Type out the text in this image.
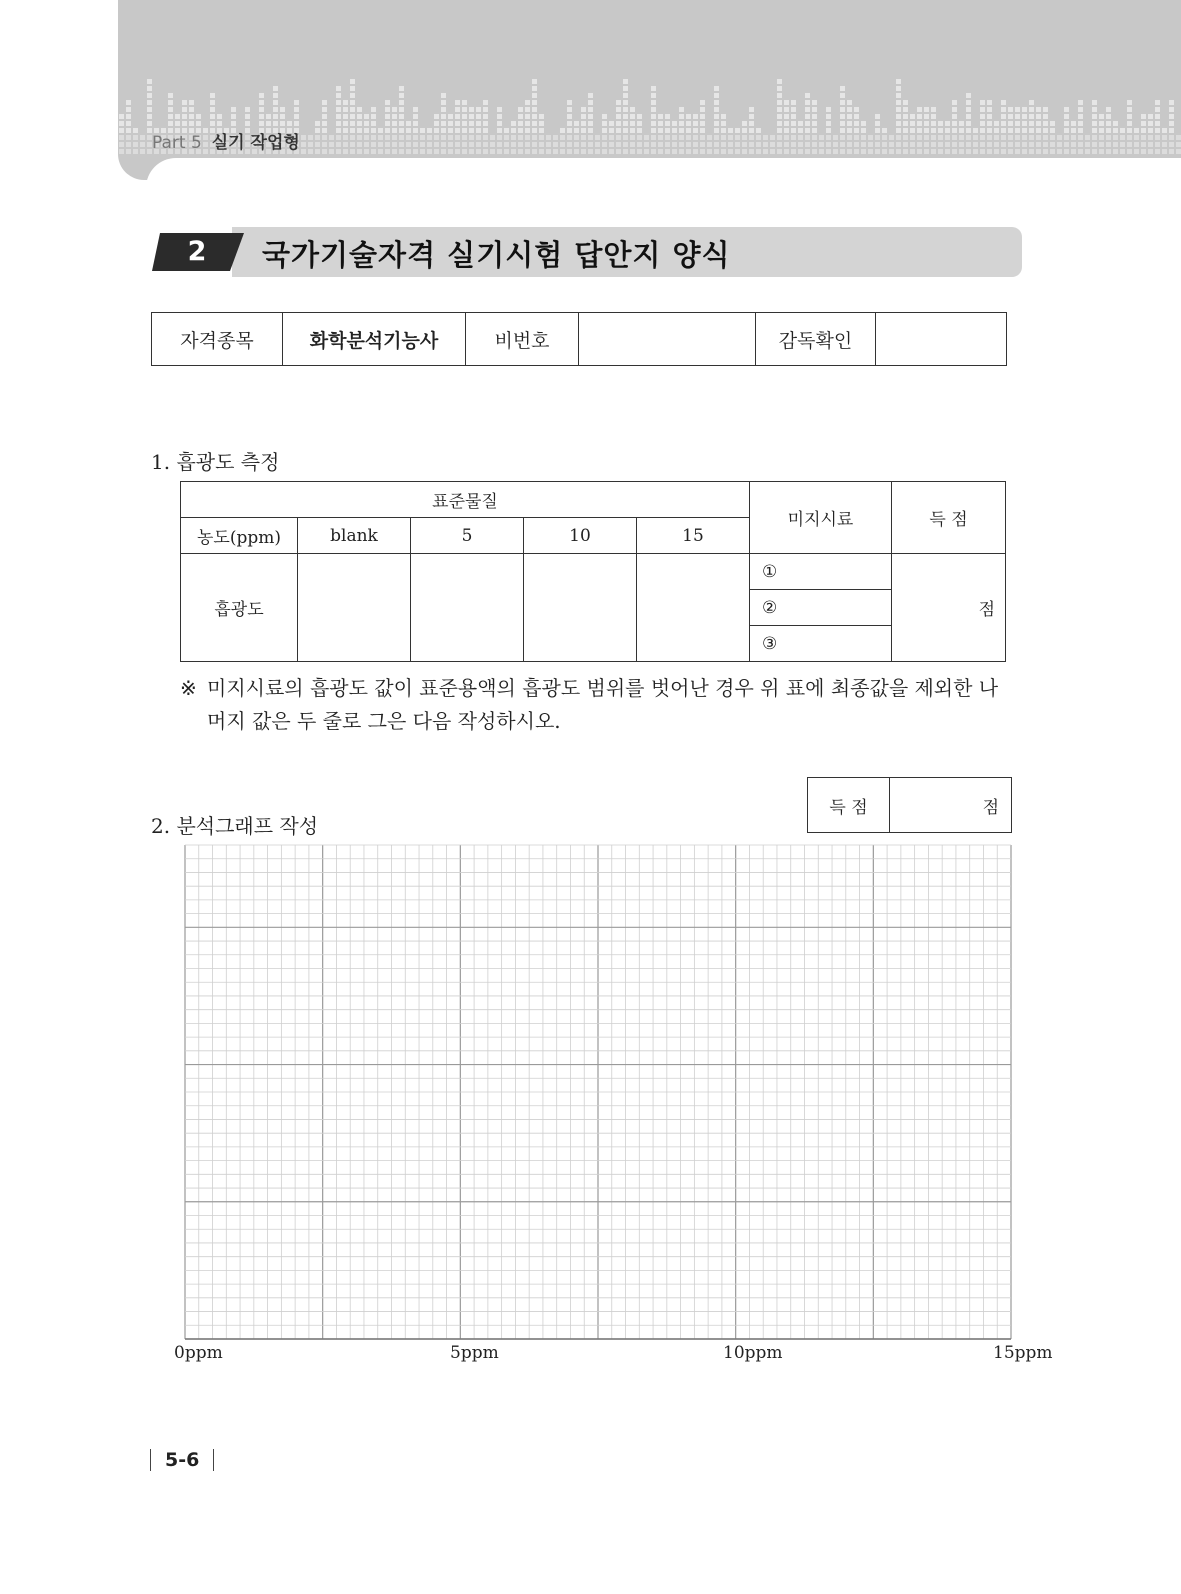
Part 5 실기 작업형
2	국가기술자격 실기시험 답안지 양식
자격종목	화학분석기능사	비번호		감독확인	
1. 흡광도 측정
표준물질					미지시료	득 점
농도(ppm)	blank	5	10	15		
흡광도					①	점
					②	
					③	
※ 미지시료의 흡광도 값이 표준용액의 흡광도 범위를 벗어난 경우 위 표에 최종값을 제외한 나
머지 값은 두 줄로 그은 다음 작성하시오.
2. 분석그래프 작성
득 점	점
0ppm	5ppm	10ppm	15ppm
5-6
